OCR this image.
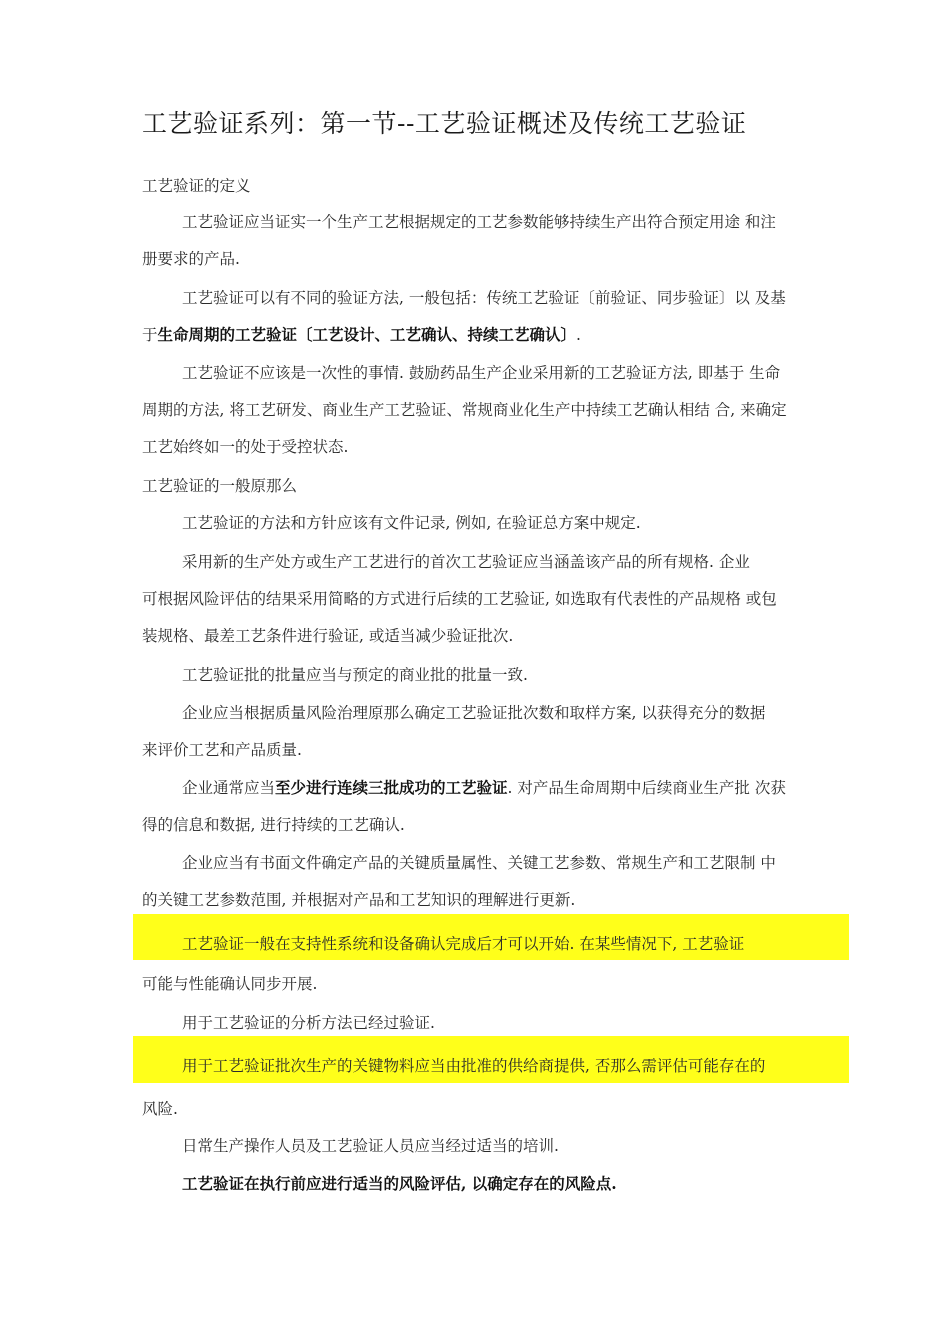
工艺验证系列：第一节--工艺验证概述及传统工艺验证
工艺验证的定义
工艺验证应当证实一个生产工艺根据规定的工艺参数能够持续生产出符合预定用途 和注
册要求的产品.
工艺验证可以有不同的验证方法, 一般包括：传统工艺验证〔前验证、同步验证〕以 及基
于生命周期的工艺验证〔工艺设计、工艺确认、持续工艺确认〕.
工艺验证不应该是一次性的事情. 鼓励药品生产企业采用新的工艺验证方法, 即基于 生命
周期的方法, 将工艺研发、商业生产工艺验证、常规商业化生产中持续工艺确认相结 合, 来确定
工艺始终如一的处于受控状态.
工艺验证的一般原那么
工艺验证的方法和方针应该有文件记录, 例如, 在验证总方案中规定.
采用新的生产处方或生产工艺进行的首次工艺验证应当涵盖该产品的所有规格. 企业
可根据风险评估的结果采用简略的方式进行后续的工艺验证, 如选取有代表性的产品规格 或包
装规格、最差工艺条件进行验证, 或适当减少验证批次.
工艺验证批的批量应当与预定的商业批的批量一致.
企业应当根据质量风险治理原那么确定工艺验证批次数和取样方案, 以获得充分的数据
来评价工艺和产品质量.
企业通常应当至少进行连续三批成功的工艺验证. 对产品生命周期中后续商业生产批 次获
得的信息和数据, 进行持续的工艺确认.
企业应当有书面文件确定产品的关键质量属性、关键工艺参数、常规生产和工艺限制 中
的关键工艺参数范围, 并根据对产品和工艺知识的理解进行更新.
工艺验证一般在支持性系统和设备确认完成后才可以开始. 在某些情况下, 工艺验证
可能与性能确认同步开展.
用于工艺验证的分析方法已经过验证.
用于工艺验证批次生产的关键物料应当由批准的供给商提供, 否那么需评估可能存在的
风险.
日常生产操作人员及工艺验证人员应当经过适当的培训.
工艺验证在执行前应进行适当的风险评估, 以确定存在的风险点.
